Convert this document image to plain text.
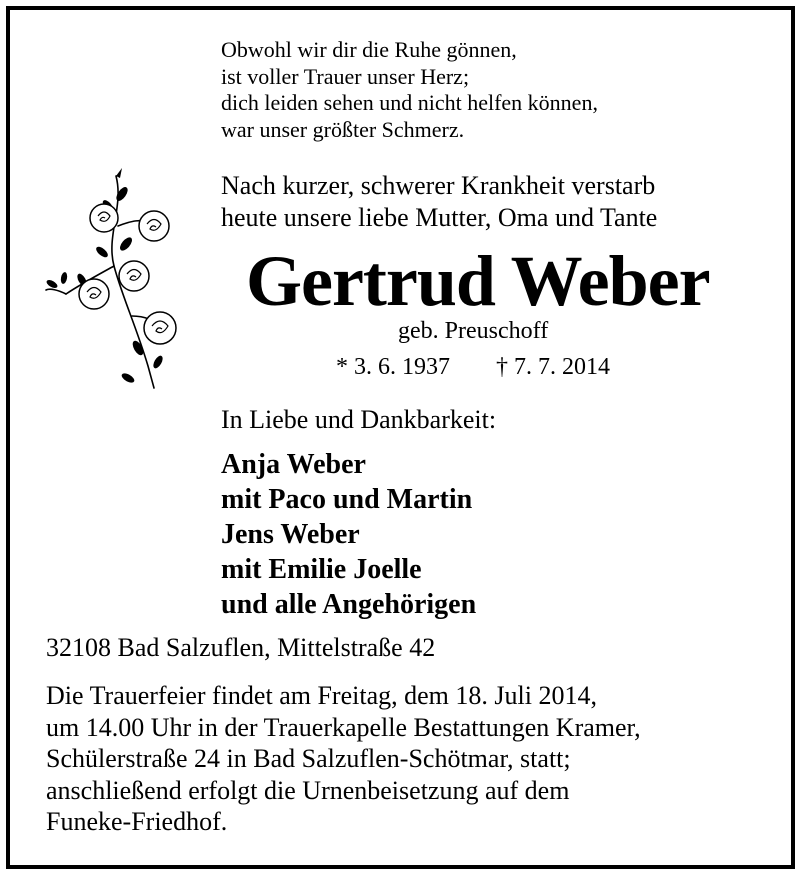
Obwohl wir dir die Ruhe gönnen,
ist voller Trauer unser Herz;
dich leiden sehen und nicht helfen können,
war unser größter Schmerz.
Nach kurzer, schwerer Krankheit verstarb
heute unsere liebe Mutter, Oma und Tante
Gertrud Weber
geb. Preuschoff
* 3. 6. 1937 † 7. 7. 2014
In Liebe und Dankbarkeit:
Anja Weber
mit Paco und Martin
Jens Weber
mit Emilie Joelle
und alle Angehörigen
32108 Bad Salzuflen, Mittelstraße 42
Die Trauerfeier findet am Freitag, dem 18. Juli 2014,
um 14.00 Uhr in der Trauerkapelle Bestattungen Kramer,
Schülerstraße 24 in Bad Salzuflen-Schötmar, statt;
anschließend erfolgt die Urnenbeisetzung auf dem
Funeke-Friedhof.
